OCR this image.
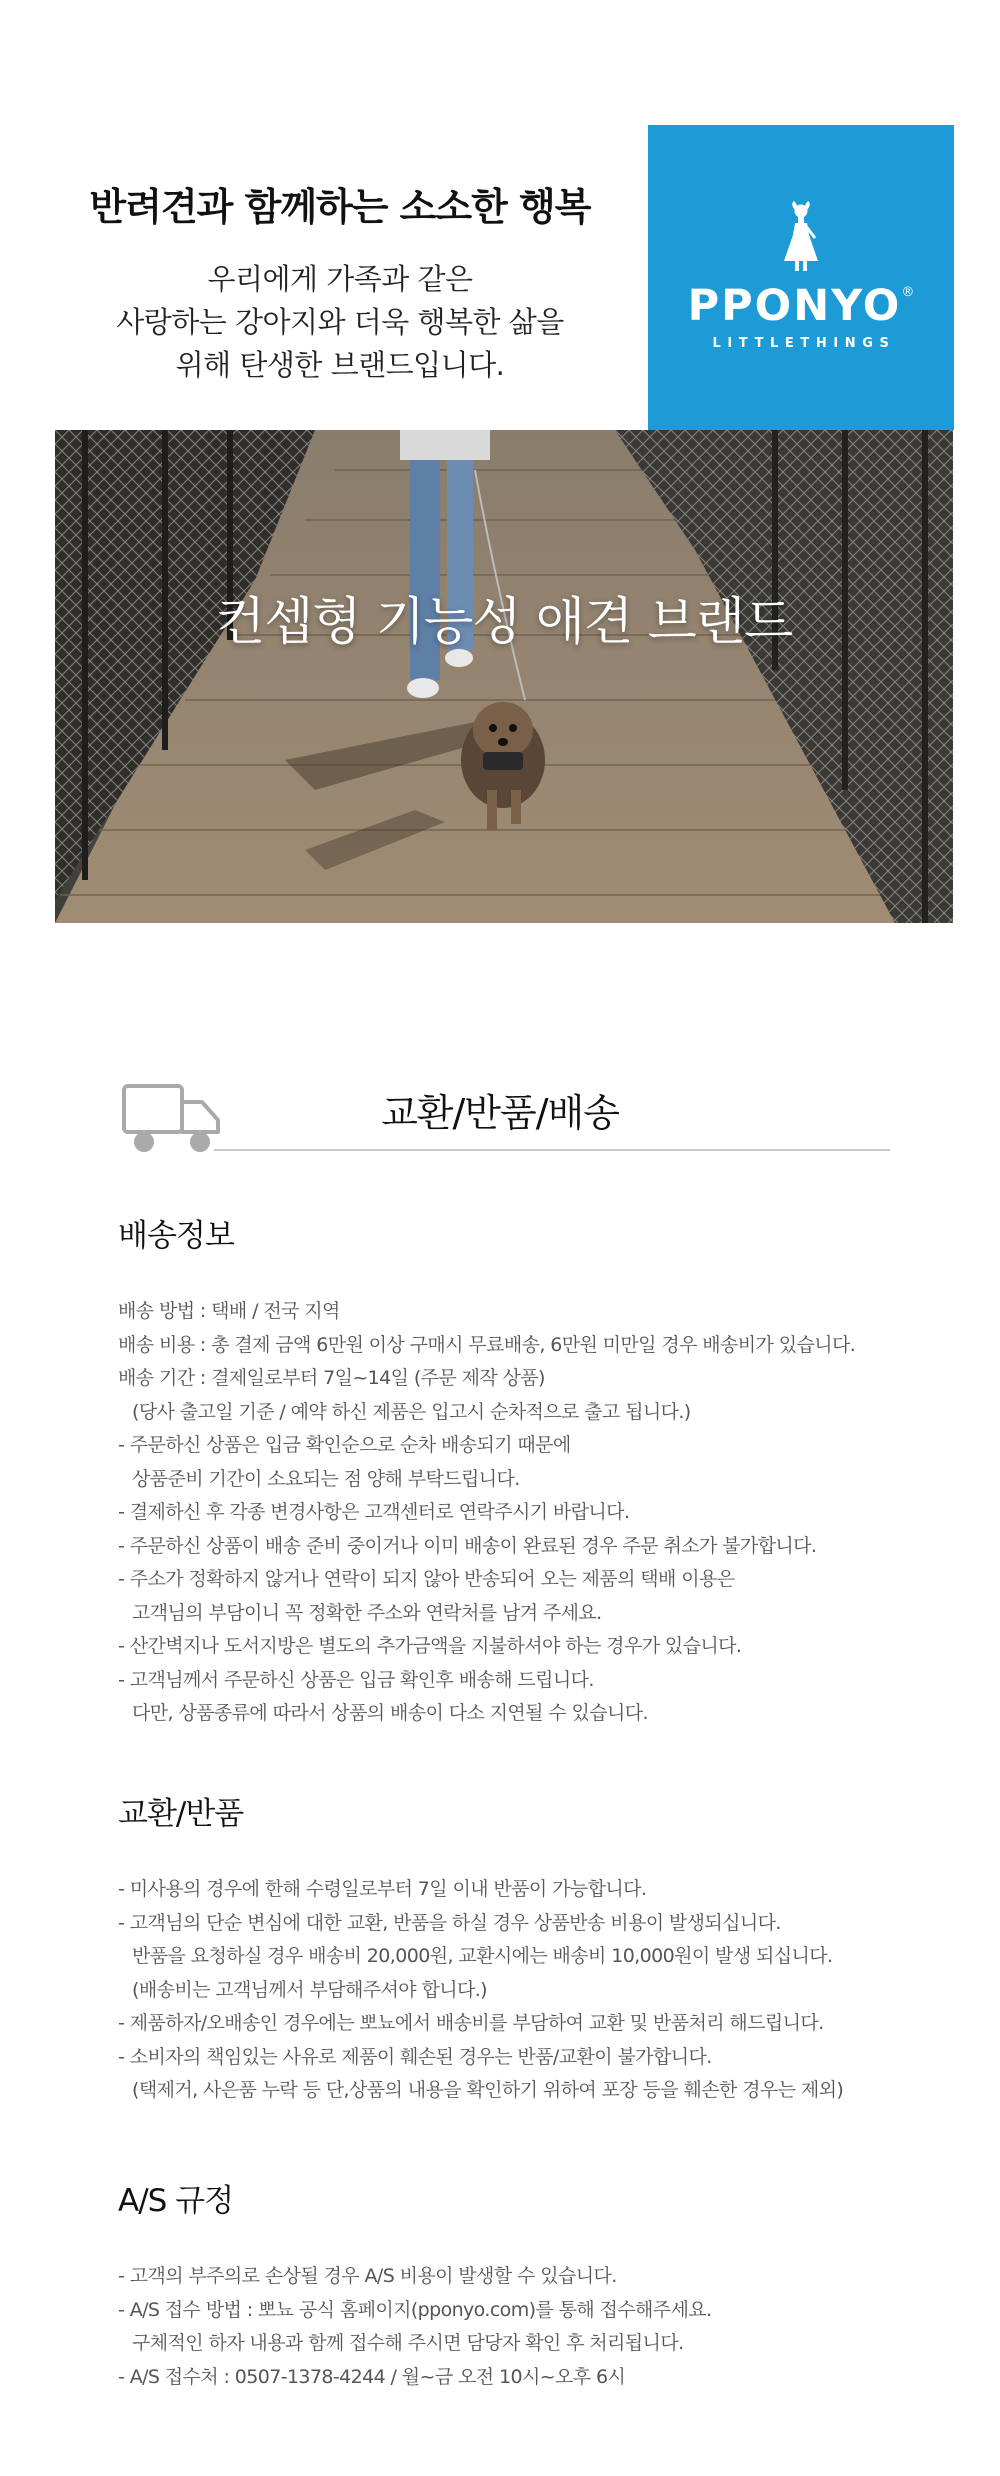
반려견과 함께하는 소소한 행복
우리에게 가족과 같은
사랑하는 강아지와 더욱 행복한 삶을
위해 탄생한 브랜드입니다.
PPONYO®
LITTLETHINGS
컨셉형 기능성 애견 브랜드
교환/반품/배송
배송정보
배송 방법 : 택배 / 전국 지역
배송 비용 : 총 결제 금액 6만원 이상 구매시 무료배송, 6만원 미만일 경우 배송비가 있습니다.
배송 기간 : 결제일로부터 7일~14일 (주문 제작 상품)
(당사 출고일 기준 / 예약 하신 제품은 입고시 순차적으로 출고 됩니다.)
- 주문하신 상품은 입금 확인순으로 순차 배송되기 때문에
상품준비 기간이 소요되는 점 양해 부탁드립니다.
- 결제하신 후 각종 변경사항은 고객센터로 연락주시기 바랍니다.
- 주문하신 상품이 배송 준비 중이거나 이미 배송이 완료된 경우 주문 취소가 불가합니다.
- 주소가 정확하지 않거나 연락이 되지 않아 반송되어 오는 제품의 택배 이용은
고객님의 부담이니 꼭 정확한 주소와 연락처를 남겨 주세요.
- 산간벽지나 도서지방은 별도의 추가금액을 지불하셔야 하는 경우가 있습니다.
- 고객님께서 주문하신 상품은 입금 확인후 배송해 드립니다.
다만, 상품종류에 따라서 상품의 배송이 다소 지연될 수 있습니다.
교환/반품
- 미사용의 경우에 한해 수령일로부터 7일 이내 반품이 가능합니다.
- 고객님의 단순 변심에 대한 교환, 반품을 하실 경우 상품반송 비용이 발생되십니다.
반품을 요청하실 경우 배송비 20,000원, 교환시에는 배송비 10,000원이 발생 되십니다.
(배송비는 고객님께서 부담해주셔야 합니다.)
- 제품하자/오배송인 경우에는 뽀뇨에서 배송비를 부담하여 교환 및 반품처리 해드립니다.
- 소비자의 책임있는 사유로 제품이 훼손된 경우는 반품/교환이 불가합니다.
(택제거, 사은품 누락 등 단,상품의 내용을 확인하기 위하여 포장 등을 훼손한 경우는 제외)
A/S 규정
- 고객의 부주의로 손상될 경우 A/S 비용이 발생할 수 있습니다.
- A/S 접수 방법 : 뽀뇨 공식 홈페이지(pponyo.com)를 통해 접수해주세요.
구체적인 하자 내용과 함께 접수해 주시면 담당자 확인 후 처리됩니다.
- A/S 접수처 : 0507-1378-4244 / 월~금 오전 10시~오후 6시
